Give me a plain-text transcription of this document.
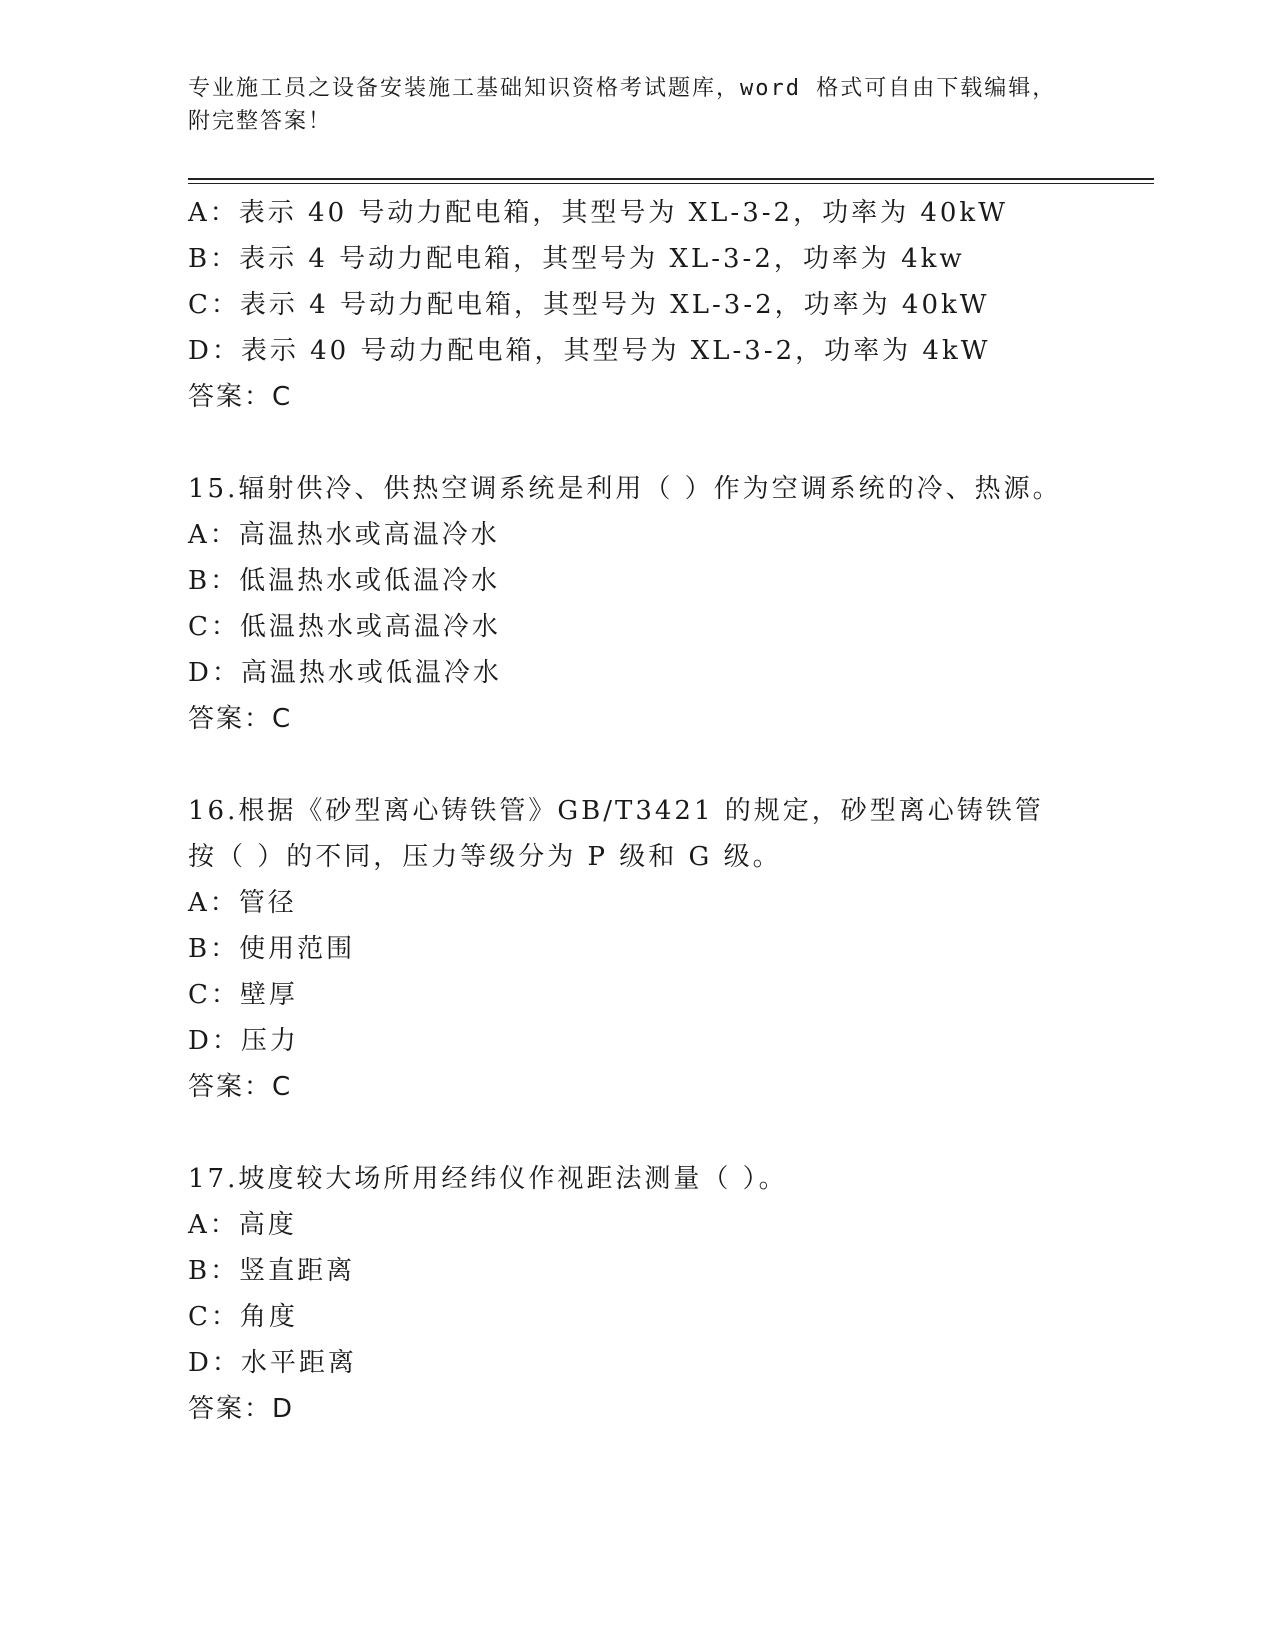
专业施工员之设备安装施工基础知识资格考试题库，word 格式可自由下载编辑，附完整答案！
A：表示 40 号动力配电箱，其型号为 XL-3-2，功率为 40kW
B：表示 4 号动力配电箱，其型号为 XL-3-2，功率为 4kw
C：表示 4 号动力配电箱，其型号为 XL-3-2，功率为 40kW
D：表示 40 号动力配电箱，其型号为 XL-3-2，功率为 4kW
答案：C
15.辐射供冷、供热空调系统是利用（ ）作为空调系统的冷、热源。
A：高温热水或高温冷水
B：低温热水或低温冷水
C：低温热水或高温冷水
D：高温热水或低温冷水
答案：C
16.根据《砂型离心铸铁管》GB/T3421 的规定，砂型离心铸铁管按（ ）的不同，压力等级分为 P 级和 G 级。
A：管径
B：使用范围
C：壁厚
D：压力
答案：C
17.坡度较大场所用经纬仪作视距法测量（ ）。
A：高度
B：竖直距离
C：角度
D：水平距离
答案：D
